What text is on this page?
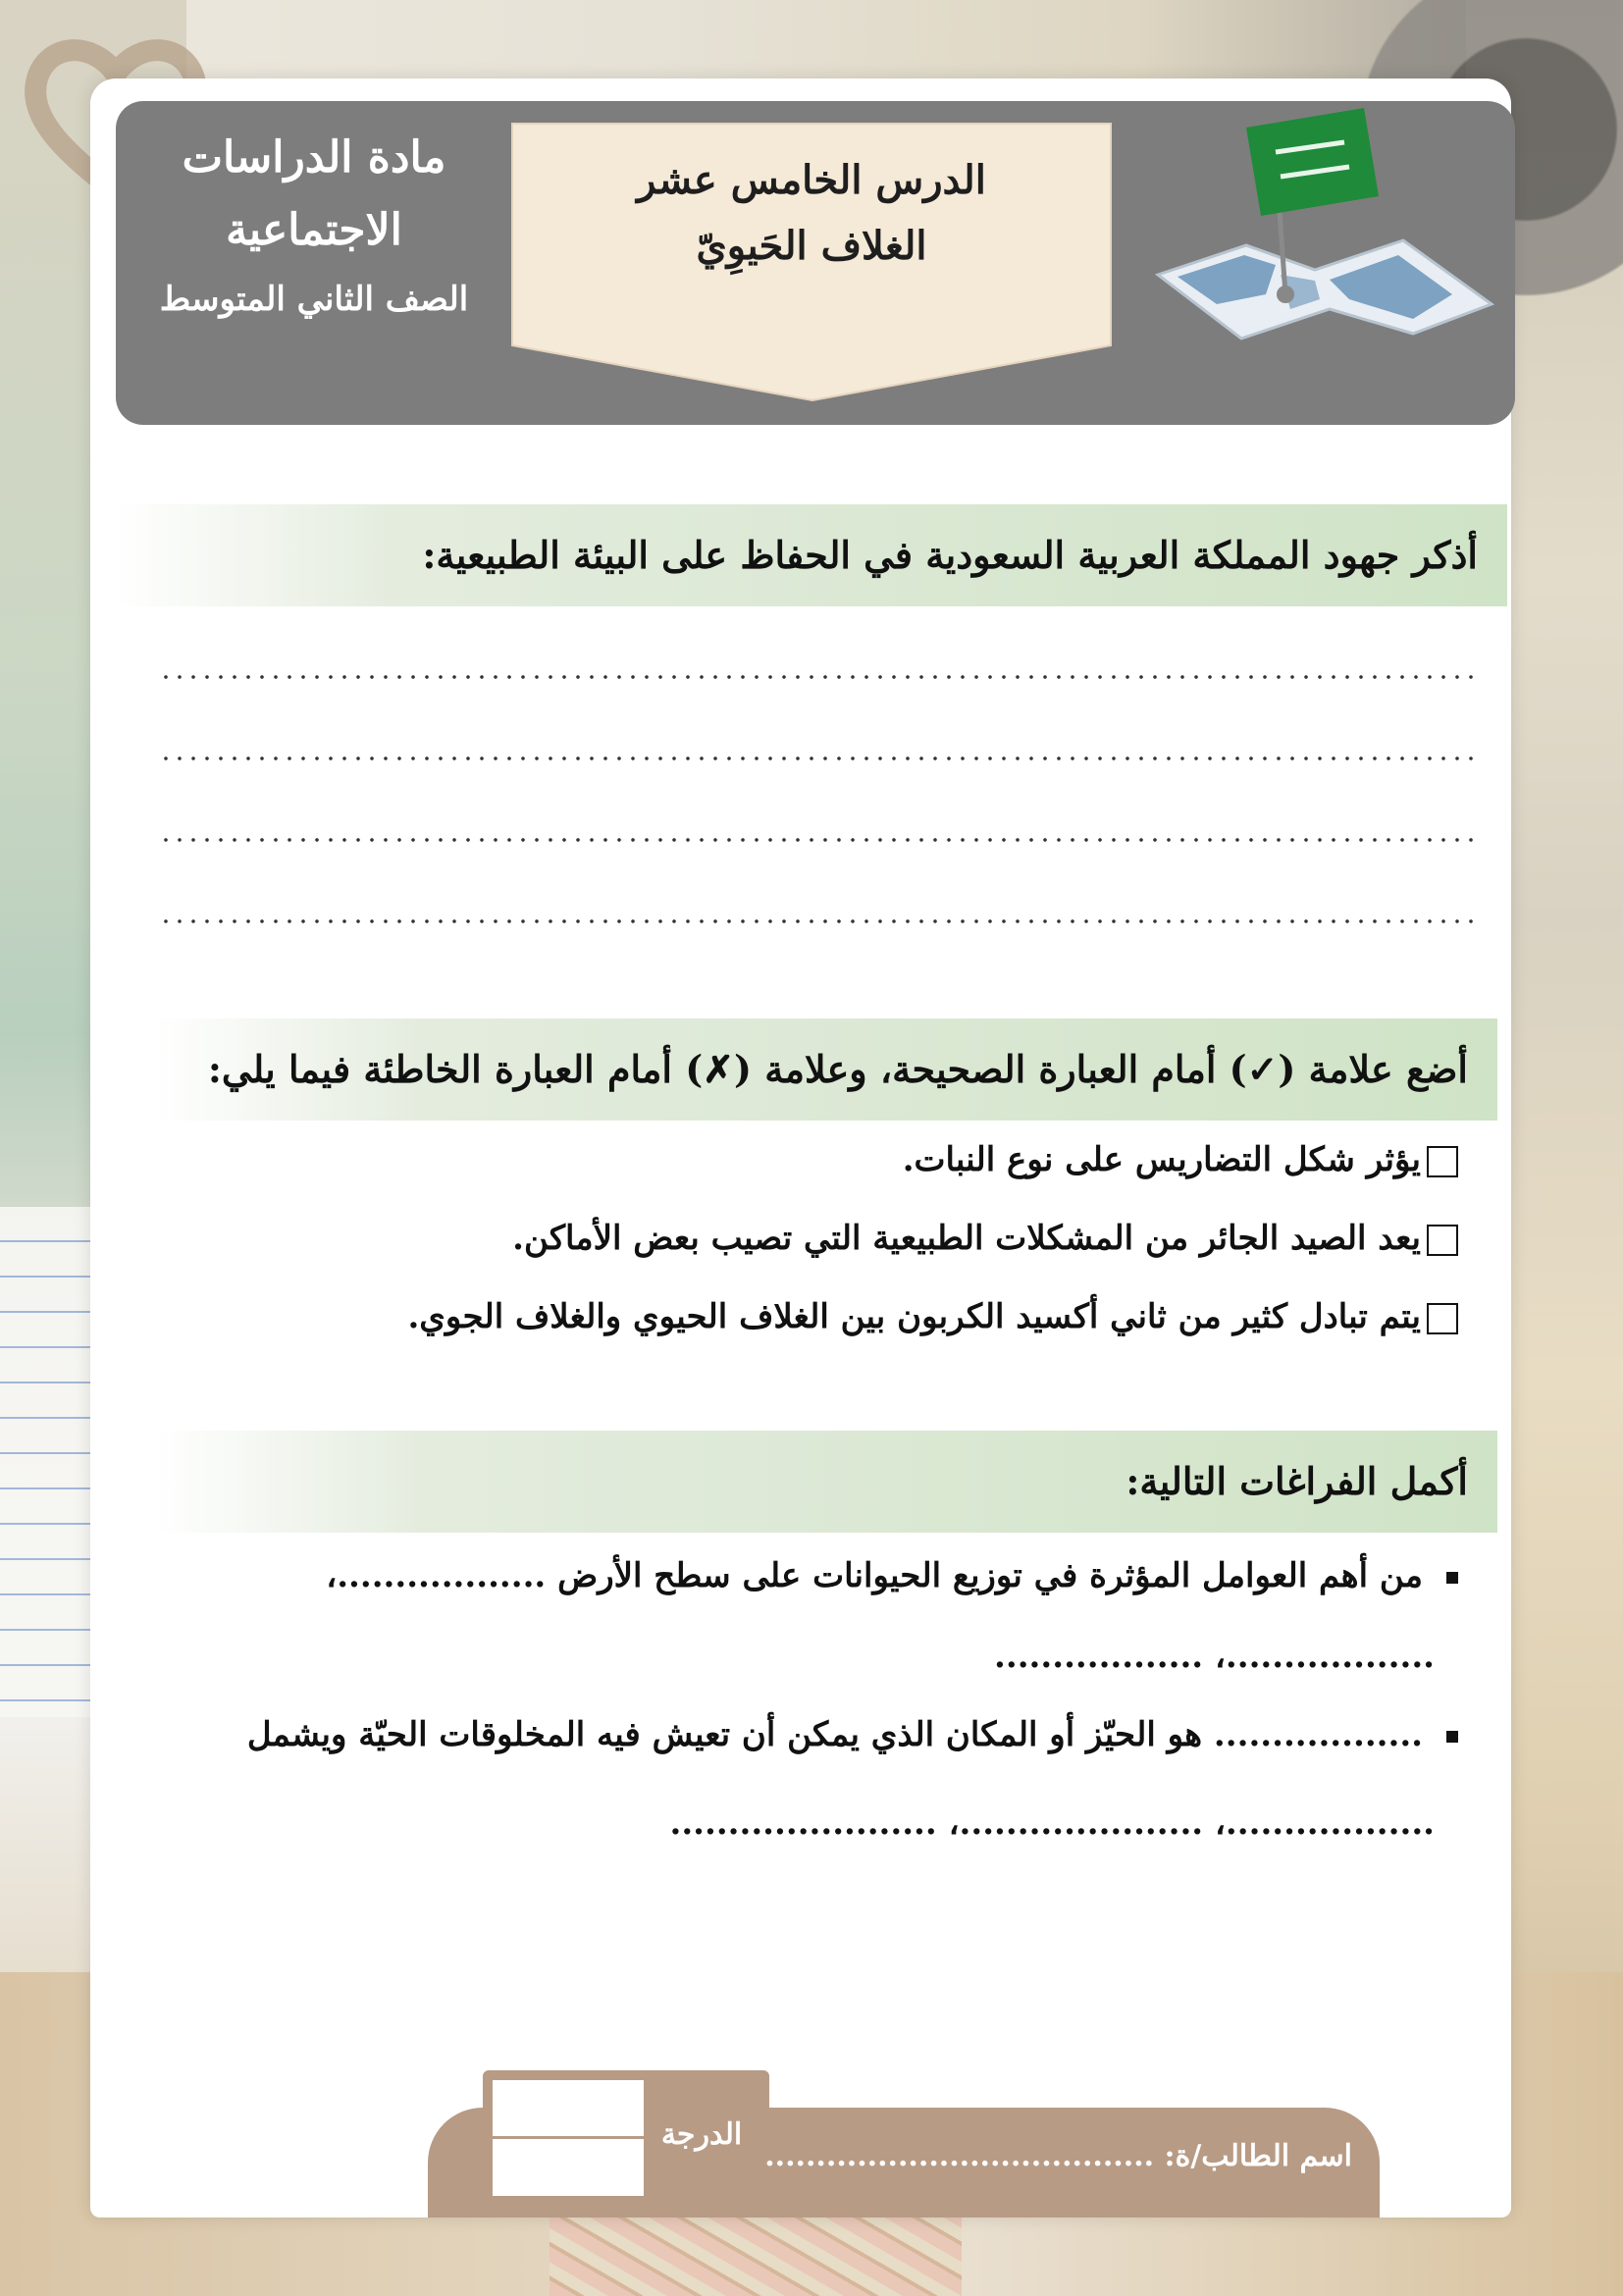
مادة الدراسات
الاجتماعية
الصف الثاني المتوسط
الدرس الخامس عشر
الغلاف الحَيوِيّ
أذكر جهود المملكة العربية السعودية في الحفاظ على البيئة الطبيعية:
أضع علامة (✓) أمام العبارة الصحيحة، وعلامة (✗) أمام العبارة الخاطئة فيما يلي:
يؤثر شكل التضاريس على نوع النبات.
يعد الصيد الجائر من المشكلات الطبيعية التي تصيب بعض الأماكن.
يتم تبادل كثير من ثاني أكسيد الكربون بين الغلاف الحيوي والغلاف الجوي.
أكمل الفراغات التالية:
من أهم العوامل المؤثرة في توزيع الحيوانات على سطح الأرض ..................،
..................، ..................
.................. هو الحيّز أو المكان الذي يمكن أن تعيش فيه المخلوقات الحيّة ويشمل
..................، .....................، .......................
الدرجة
اسم الطالب/ة: ......................................
